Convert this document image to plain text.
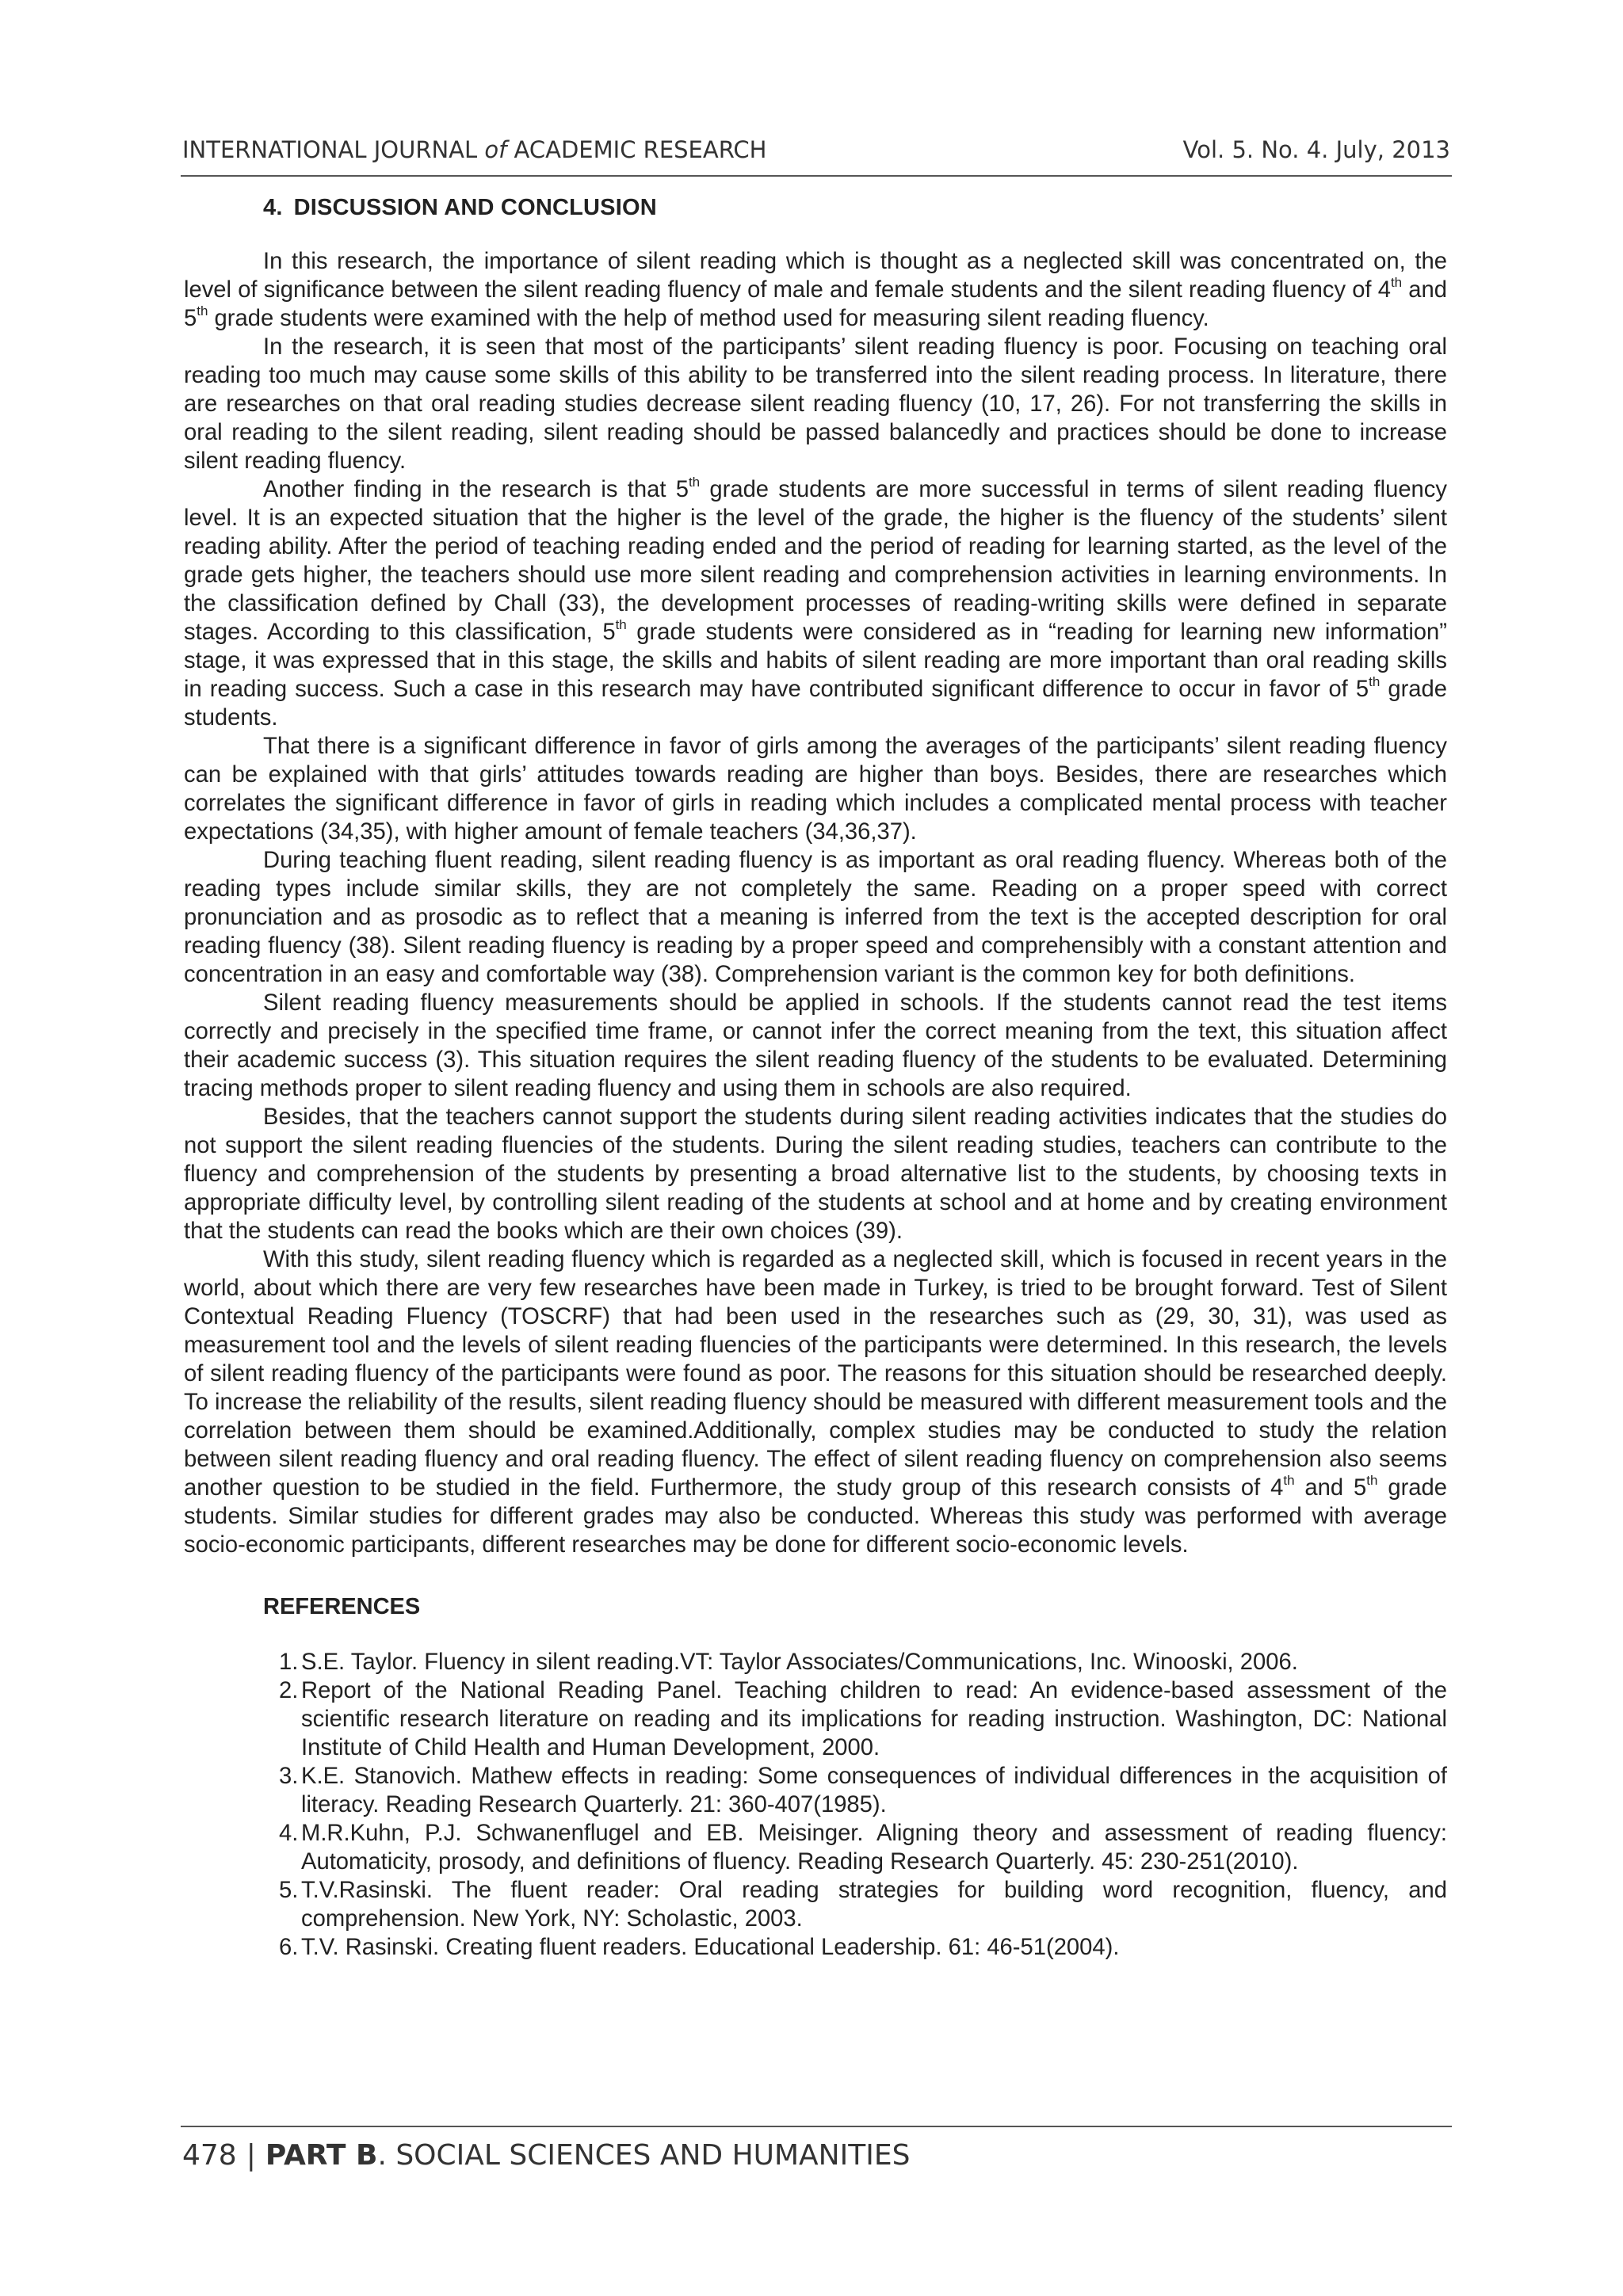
INTERNATIONAL JOURNAL of ACADEMIC RESEARCH	Vol. 5. No. 4. July, 2013
4. DISCUSSION AND CONCLUSION

In this research, the importance of silent reading which is thought as a neglected skill was concentrated on, the level of significance between the silent reading fluency of male and female students and the silent reading fluency of 4th and 5th grade students were examined with the help of method used for measuring silent reading fluency.

In the research, it is seen that most of the participants’ silent reading fluency is poor. Focusing on teaching oral reading too much may cause some skills of this ability to be transferred into the silent reading process. In literature, there are researches on that oral reading studies decrease silent reading fluency (10, 17, 26). For not transferring the skills in oral reading to the silent reading, silent reading should be passed balancedly and practices should be done to increase silent reading fluency.

Another finding in the research is that 5th grade students are more successful in terms of silent reading fluency level. It is an expected situation that the higher is the level of the grade, the higher is the fluency of the students’ silent reading ability. After the period of teaching reading ended and the period of reading for learning started, as the level of the grade gets higher, the teachers should use more silent reading and comprehension activities in learning environments. In the classification defined by Chall (33), the development processes of reading-writing skills were defined in separate stages. According to this classification, 5th grade students were considered as in “reading for learning new information” stage, it was expressed that in this stage, the skills and habits of silent reading are more important than oral reading skills in reading success. Such a case in this research may have contributed significant difference to occur in favor of 5th grade students.

That there is a significant difference in favor of girls among the averages of the participants’ silent reading fluency can be explained with that girls’ attitudes towards reading are higher than boys. Besides, there are researches which correlates the significant difference in favor of girls in reading which includes a complicated mental process with teacher expectations (34,35), with higher amount of female teachers (34,36,37).

During teaching fluent reading, silent reading fluency is as important as oral reading fluency. Whereas both of the reading types include similar skills, they are not completely the same. Reading on a proper speed with correct pronunciation and as prosodic as to reflect that a meaning is inferred from the text is the accepted description for oral reading fluency (38). Silent reading fluency is reading by a proper speed and comprehensibly with a constant attention and concentration in an easy and comfortable way (38). Comprehension variant is the common key for both definitions.

Silent reading fluency measurements should be applied in schools. If the students cannot read the test items correctly and precisely in the specified time frame, or cannot infer the correct meaning from the text, this situation affect their academic success (3). This situation requires the silent reading fluency of the students to be evaluated. Determining tracing methods proper to silent reading fluency and using them in schools are also required.

Besides, that the teachers cannot support the students during silent reading activities indicates that the studies do not support the silent reading fluencies of the students. During the silent reading studies, teachers can contribute to the fluency and comprehension of the students by presenting a broad alternative list to the students, by choosing texts in appropriate difficulty level, by controlling silent reading of the students at school and at home and by creating environment that the students can read the books which are their own choices (39).

With this study, silent reading fluency which is regarded as a neglected skill, which is focused in recent years in the world, about which there are very few researches have been made in Turkey, is tried to be brought forward. Test of Silent Contextual Reading Fluency (TOSCRF) that had been used in the researches such as (29, 30, 31), was used as measurement tool and the levels of silent reading fluencies of the participants were determined. In this research, the levels of silent reading fluency of the participants were found as poor. The reasons for this situation should be researched deeply. To increase the reliability of the results, silent reading fluency should be measured with different measurement tools and the correlation between them should be examined.Additionally, complex studies may be conducted to study the relation between silent reading fluency and oral reading fluency. The effect of silent reading fluency on comprehension also seems another question to be studied in the field. Furthermore, the study group of this research consists of 4th and 5th grade students. Similar studies for different grades may also be conducted. Whereas this study was performed with average socio-economic participants, different researches may be done for different socio-economic levels.

REFERENCES
1. S.E. Taylor. Fluency in silent reading.VT: Taylor Associates/Communications, Inc. Winooski, 2006.
2. Report of the National Reading Panel. Teaching children to read: An evidence-based assessment of the scientific research literature on reading and its implications for reading instruction. Washington, DC: National Institute of Child Health and Human Development, 2000.
3. K.E. Stanovich. Mathew effects in reading: Some consequences of individual differences in the acquisition of literacy. Reading Research Quarterly. 21: 360-407(1985).
4. M.R.Kuhn, P.J. Schwanenflugel and EB. Meisinger. Aligning theory and assessment of reading fluency: Automaticity, prosody, and definitions of fluency. Reading Research Quarterly. 45: 230-251(2010).
5. T.V.Rasinski. The fluent reader: Oral reading strategies for building word recognition, fluency, and comprehension. New York, NY: Scholastic, 2003.
6. T.V. Rasinski. Creating fluent readers. Educational Leadership. 61: 46-51(2004).
478 | PART B. SOCIAL SCIENCES AND HUMANITIES
